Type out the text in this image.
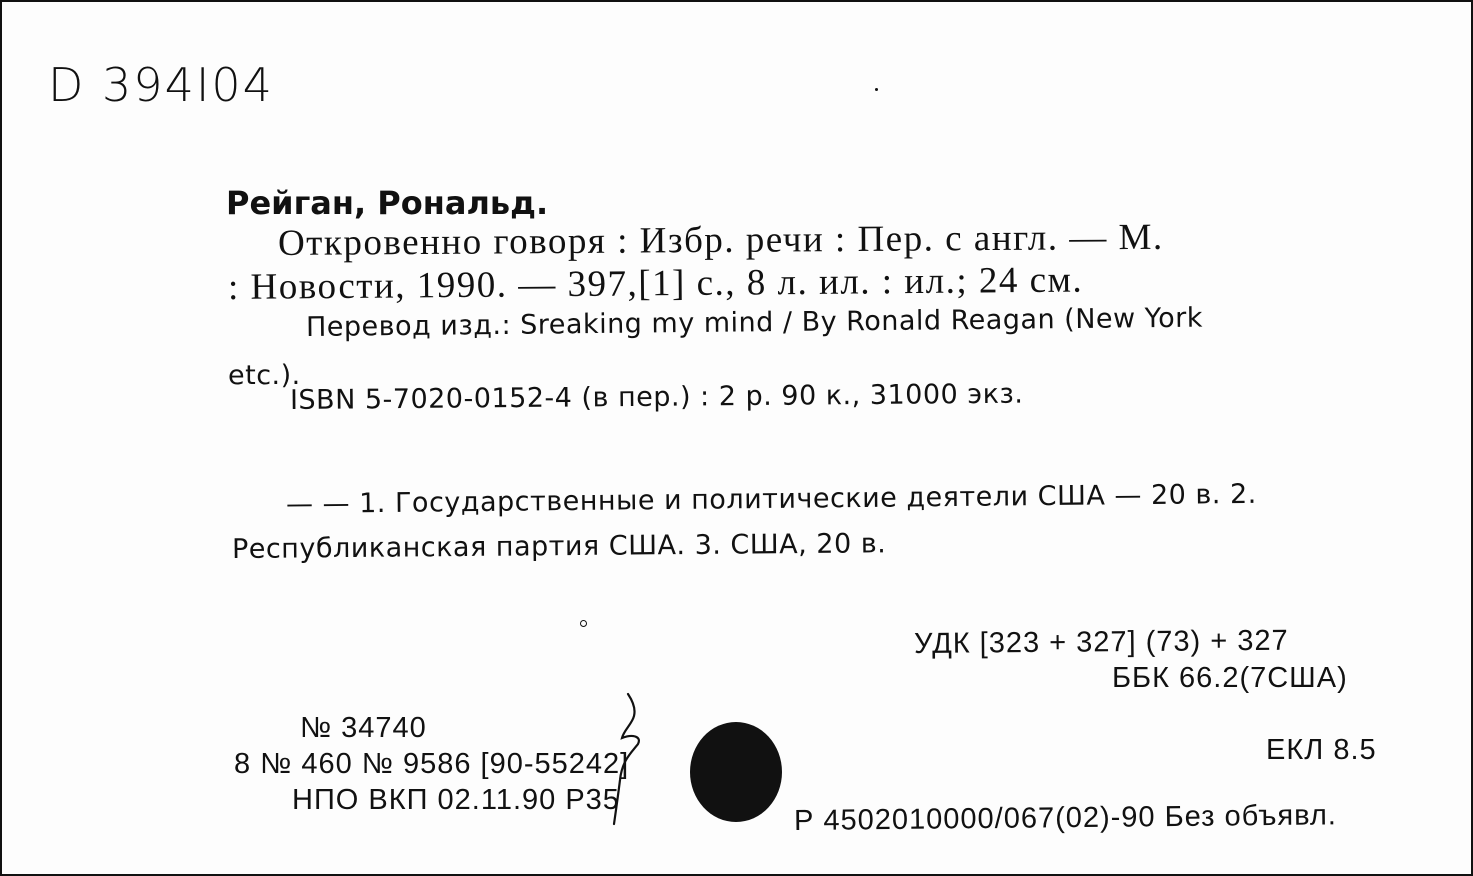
D 394I04
Рейган, Рональд.
Откровенно говоря : Избр. речи : Пер. с англ. — М.
: Новости, 1990. — 397,[1] с., 8 л. ил. : ил.; 24 см.
Перевод изд.: Sreaking my mind / By Ronald Reagan (New York
etc.).
ISBN 5-7020-0152-4 (в пер.) : 2 р. 90 к., 31000 экз.
— — 1. Государственные и политические деятели США — 20 в. 2.
Республиканская партия США. 3. США, 20 в.
УДК [323 + 327] (73) + 327
ББК 66.2(7США)
ЕКЛ 8.5
№ 34740
8 № 460 № 9586 [90-55242]
НПО ВКП 02.11.90 Р35	Р 4502010000/067(02)-90 Без объявл.
